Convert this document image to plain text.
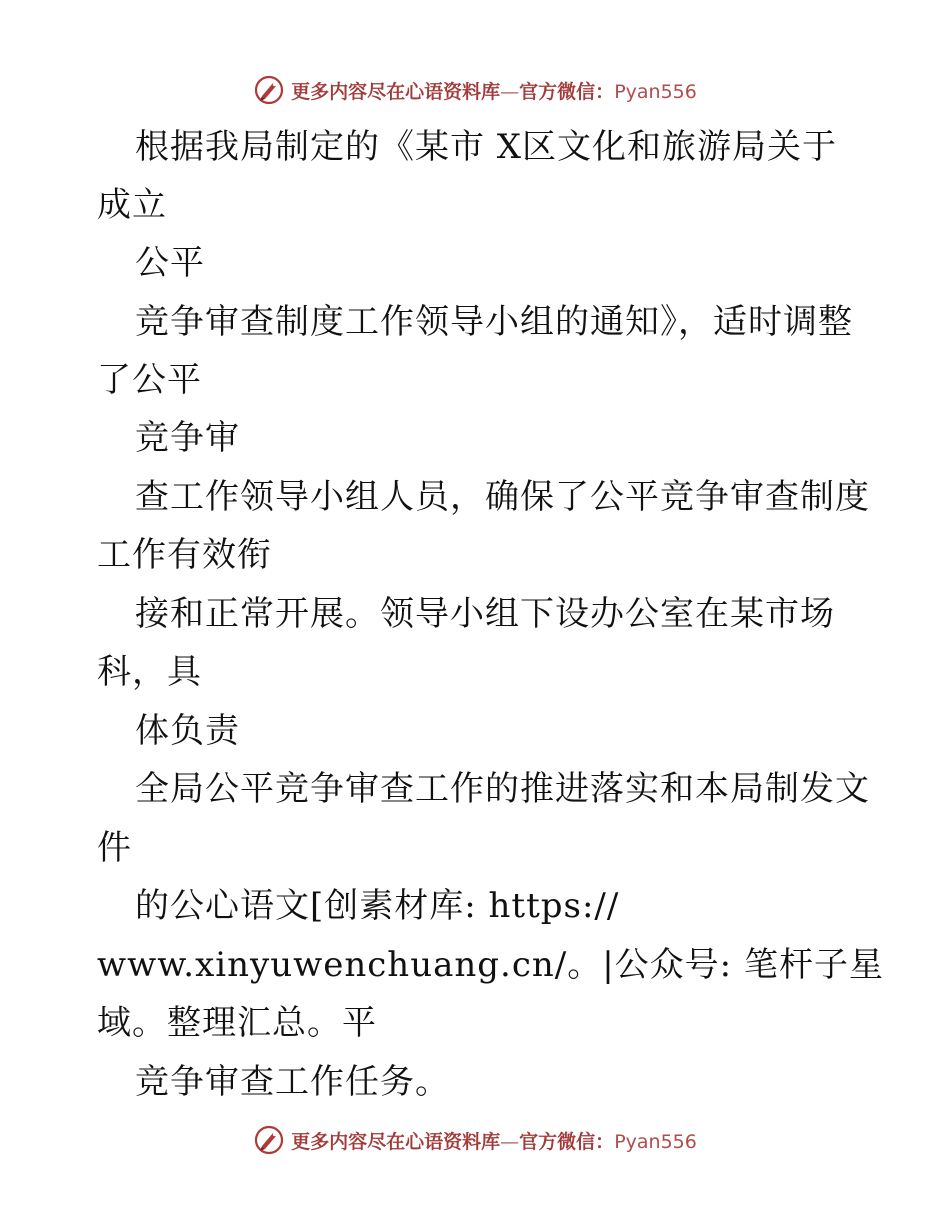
更多内容尽在心语资料库—官方微信：Pyan556
根据我局制定的《某市 X区文化和旅游局关于
成立
公平
竞争审查制度工作领导小组的通知》，适时调整
了公平
竞争审
查工作领导小组人员，确保了公平竞争审查制度
工作有效衔
接和正常开展。领导小组下设办公室在某市场
科，具
体负责
全局公平竞争审查工作的推进落实和本局制发文
件
的公心语文[创素材库: https://
www.xinyuwenchuang.cn/。|公众号: 笔杆子星
域。整理汇总。平
竞争审查工作任务。
更多内容尽在心语资料库—官方微信：Pyan556
